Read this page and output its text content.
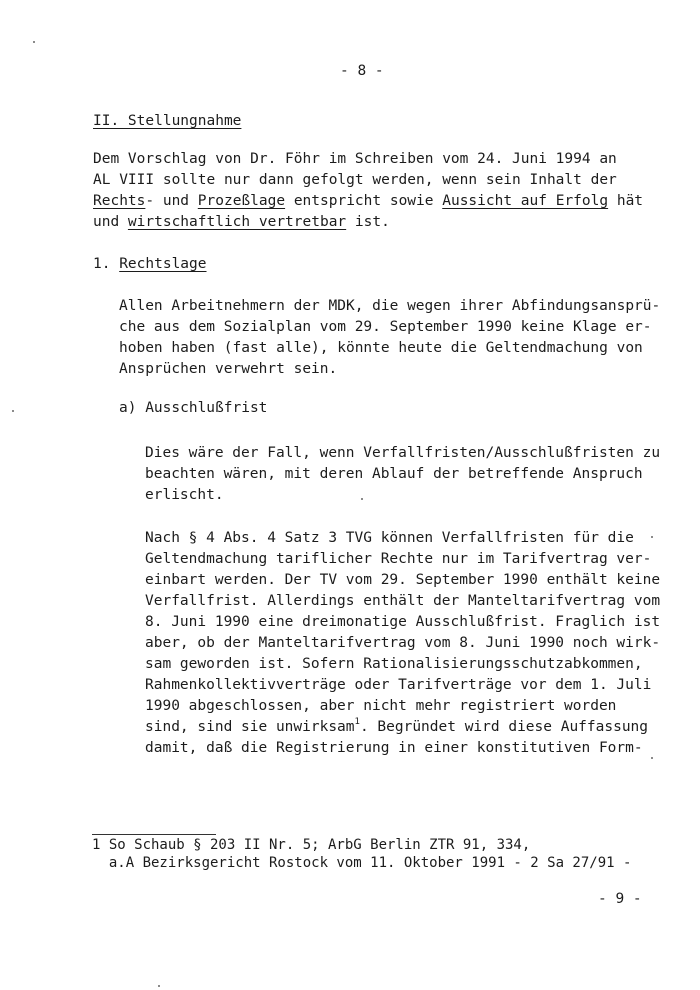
- 8 -
II. Stellungnahme
Dem Vorschlag von Dr. Föhr im Schreiben vom 24. Juni 1994 an
AL VIII sollte nur dann gefolgt werden, wenn sein Inhalt der
Rechts- und Prozeßlage entspricht sowie Aussicht auf Erfolg hät
und wirtschaftlich vertretbar ist.
1. Rechtslage
Allen Arbeitnehmern der MDK, die wegen ihrer Abfindungsansprü-
che aus dem Sozialplan vom 29. September 1990 keine Klage er-
hoben haben (fast alle), könnte heute die Geltendmachung von
Ansprüchen verwehrt sein.
a) Ausschlußfrist
Dies wäre der Fall, wenn Verfallfristen/Ausschlußfristen zu
beachten wären, mit deren Ablauf der betreffende Anspruch
erlischt.
Nach § 4 Abs. 4 Satz 3 TVG können Verfallfristen für die
Geltendmachung tariflicher Rechte nur im Tarifvertrag ver-
einbart werden. Der TV vom 29. September 1990 enthält keine
Verfallfrist. Allerdings enthält der Manteltarifvertrag vom
8. Juni 1990 eine dreimonatige Ausschlußfrist. Fraglich ist
aber, ob der Manteltarifvertrag vom 8. Juni 1990 noch wirk-
sam geworden ist. Sofern Rationalisierungsschutzabkommen,
Rahmenkollektivverträge oder Tarifverträge vor dem 1. Juli
1990 abgeschlossen, aber nicht mehr registriert worden
sind, sind sie unwirksam$^1$. Begründet wird diese Auffassung
damit, daß die Registrierung in einer konstitutiven Form-
1 So Schaub § 203 II Nr. 5; ArbG Berlin ZTR 91, 334,
a.A Bezirksgericht Rostock vom 11. Oktober 1991 - 2 Sa 27/91 -
- 9 -
